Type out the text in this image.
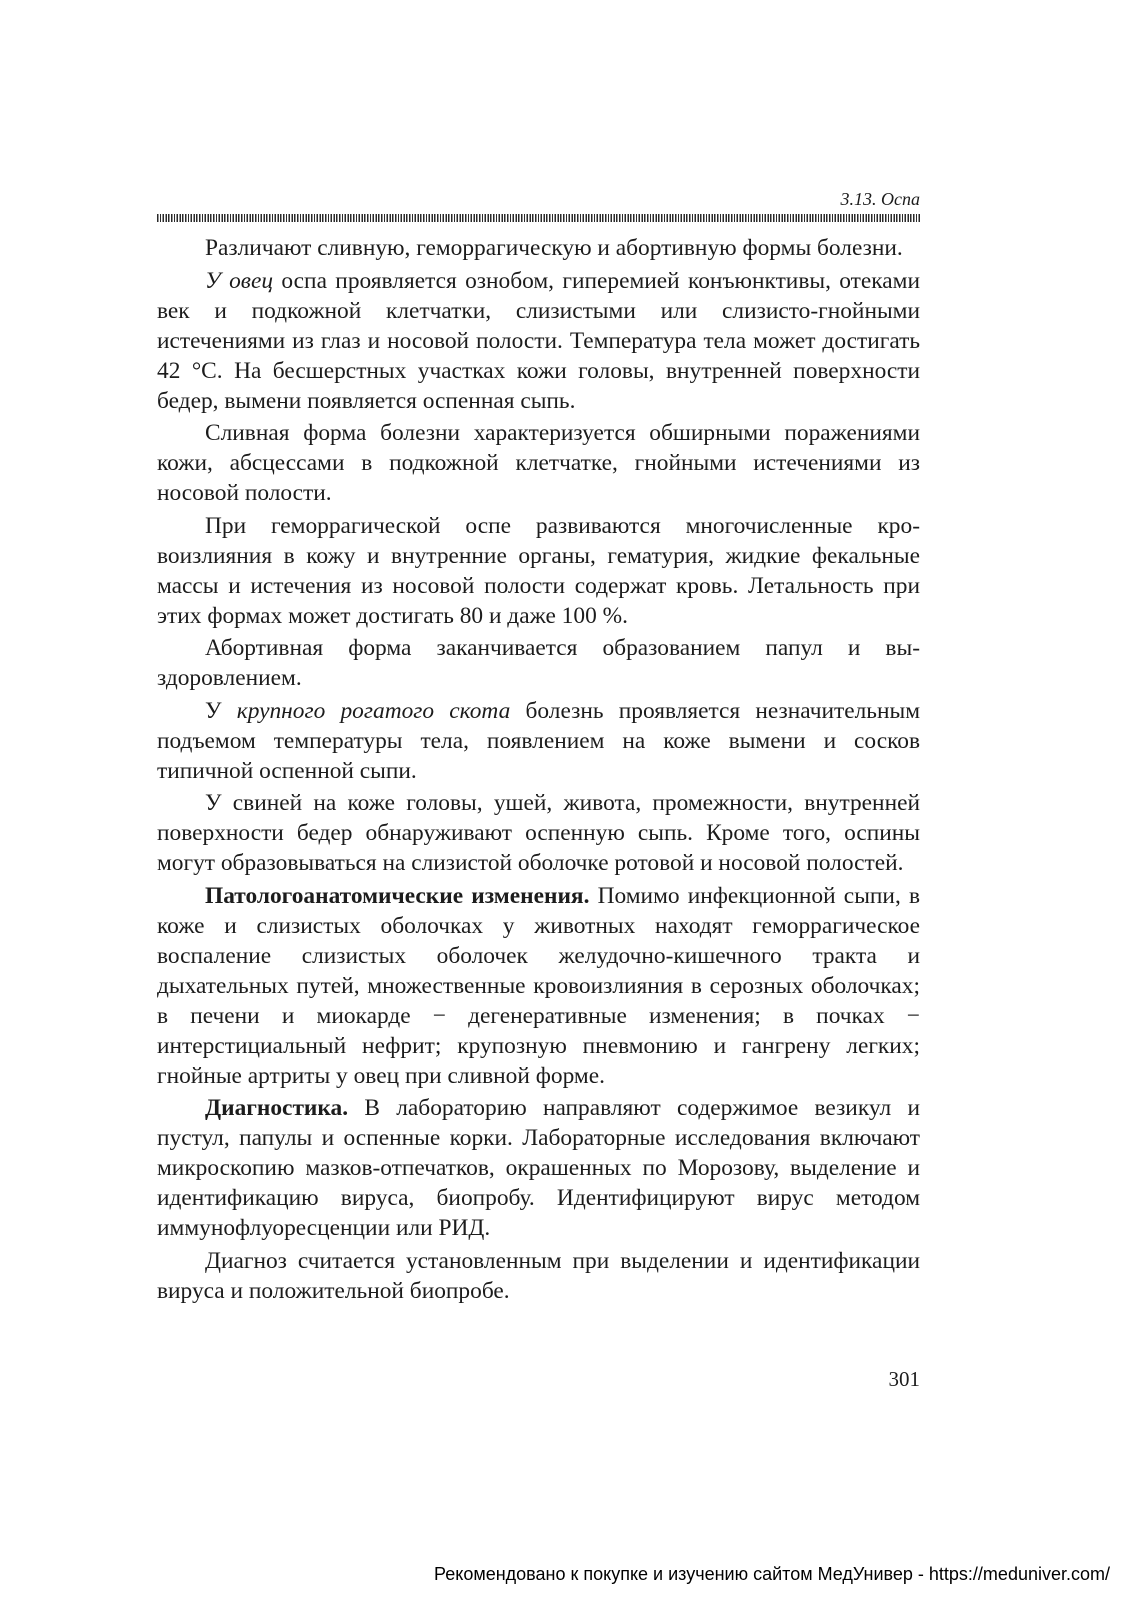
3.13. Оспа

Различают сливную, геморрагическую и абортивную формы болезни.

У овец оспа проявляется ознобом, гиперемией конъюнктивы, отеками век и подкожной клетчатки, слизистыми или слизисто-гнойными истечениями из глаз и носовой полости. Температура тела может достигать 42 °С. На бесшерстных участках кожи головы, внутренней поверхности бедер, вымени появляется оспенная сыпь.

Сливная форма болезни характеризуется обширными поражениями кожи, абсцессами в подкожной клетчатке, гнойными истечениями из носовой полости.

При геморрагической оспе развиваются многочисленные кровоизлияния в кожу и внутренние органы, гематурия, жидкие фекальные массы и истечения из носовой полости содержат кровь. Летальность при этих формах может достигать 80 и даже 100 %.

Абортивная форма заканчивается образованием папул и выздоровлением.

У крупного рогатого скота болезнь проявляется незначительным подъемом температуры тела, появлением на коже вымени и сосков типичной оспенной сыпи.

У свиней на коже головы, ушей, живота, промежности, внутренней поверхности бедер обнаруживают оспенную сыпь. Кроме того, оспины могут образовываться на слизистой оболочке ротовой и носовой полостей.

Патологоанатомические изменения. Помимо инфекционной сыпи, в коже и слизистых оболочках у животных находят геморрагическое воспаление слизистых оболочек желудочно-кишечного тракта и дыхательных путей, множественные кровоизлияния в серозных оболочках; в печени и миокарде − дегенеративные изменения; в почках − интерстициальный нефрит; крупозную пневмонию и гангрену легких; гнойные артриты у овец при сливной форме.

Диагностика. В лабораторию направляют содержимое везикул и пустул, папулы и оспенные корки. Лабораторные исследования включают микроскопию мазков-отпечатков, окрашенных по Морозову, выделение и идентификацию вируса, биопробу. Идентифицируют вирус методом иммунофлуоресценции или РИД.

Диагноз считается установленным при выделении и идентификации вируса и положительной биопробе.

301
Рекомендовано к покупке и изучению сайтом МедУнивер - https://meduniver.com/
